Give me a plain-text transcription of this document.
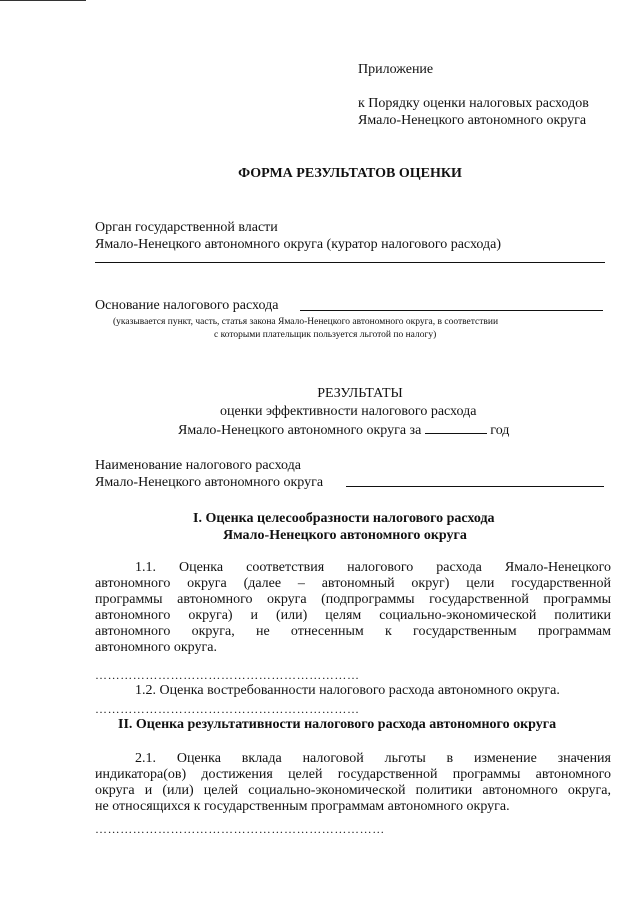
Приложение
к Порядку оценки налоговых расходов
Ямало-Ненецкого автономного округа
ФОРМА РЕЗУЛЬТАТОВ ОЦЕНКИ
Орган государственной власти
Ямало-Ненецкого автономного округа (куратор налогового расхода)
Основание налогового расхода
(указывается пункт, часть, статья закона Ямало-Ненецкого автономного округа, в соответствии
с которыми плательщик пользуется льготой по налогу)
РЕЗУЛЬТАТЫ
оценки эффективности налогового расхода
Ямало-Ненецкого автономного округа за	год
Наименование налогового расхода
Ямало-Ненецкого автономного округа
I. Оценка целесообразности налогового расхода
Ямало-Ненецкого автономного округа
1.1. Оценка соответствия налогового расхода Ямало-Ненецкого
автономного округа (далее – автономный округ) цели государственной
программы автономного округа (подпрограммы государственной программы
автономного округа) и (или) целям социально-экономической политики
автономного округа, не отнесенным к государственным программам
автономного округа.
………………………………………………………
1.2. Оценка востребованности налогового расхода автономного округа.
………………………………………………………
II. Оценка результативности налогового расхода автономного округа
2.1. Оценка вклада налоговой льготы в изменение значения
индикатора(ов) достижения целей государственной программы автономного
округа и (или) целей социально-экономической политики автономного округа,
не относящихся к государственным программам автономного округа.
……………………………………………………………
